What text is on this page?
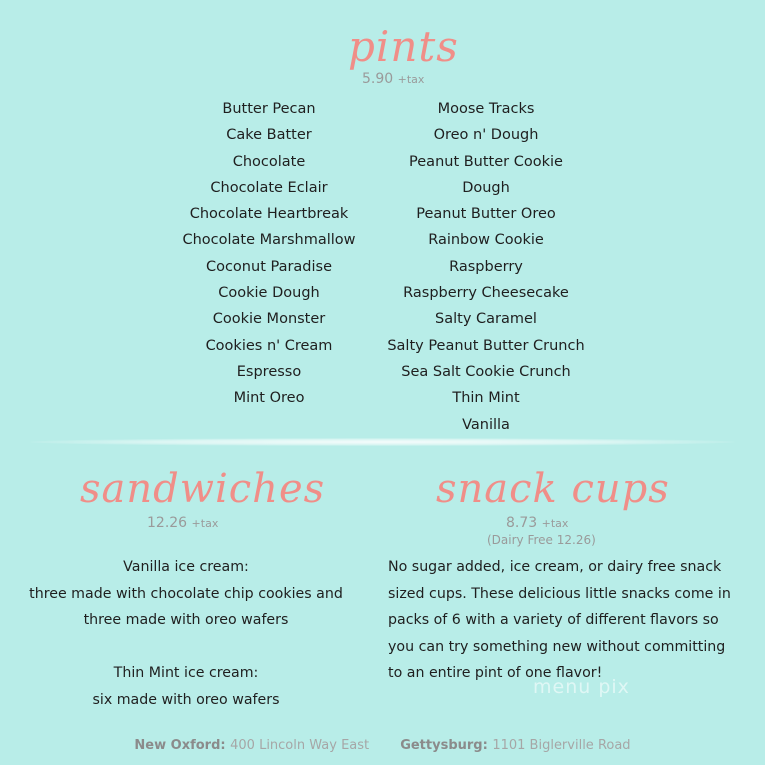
pints
5.90 +tax
Butter Pecan
Cake Batter
Chocolate
Chocolate Eclair
Chocolate Heartbreak
Chocolate Marshmallow
Coconut Paradise
Cookie Dough
Cookie Monster
Cookies n' Cream
Espresso
Mint Oreo
Moose Tracks
Oreo n' Dough
Peanut Butter Cookie
Dough
Peanut Butter Oreo
Rainbow Cookie
Raspberry
Raspberry Cheesecake
Salty Caramel
Salty Peanut Butter Crunch
Sea Salt Cookie Crunch
Thin Mint
Vanilla
sandwiches
12.26 +tax
Vanilla ice cream:
three made with chocolate chip cookies and
three made with oreo wafers
Thin Mint ice cream:
six made with oreo wafers
snack cups
8.73 +tax
(Dairy Free 12.26)
No sugar added, ice cream, or dairy free snack
sized cups. These delicious little snacks come in
packs of 6 with a variety of different flavors so
you can try something new without committing
to an entire pint of one flavor!
menu pix
New Oxford: 400 Lincoln Way East Gettysburg: 1101 Biglerville Road
